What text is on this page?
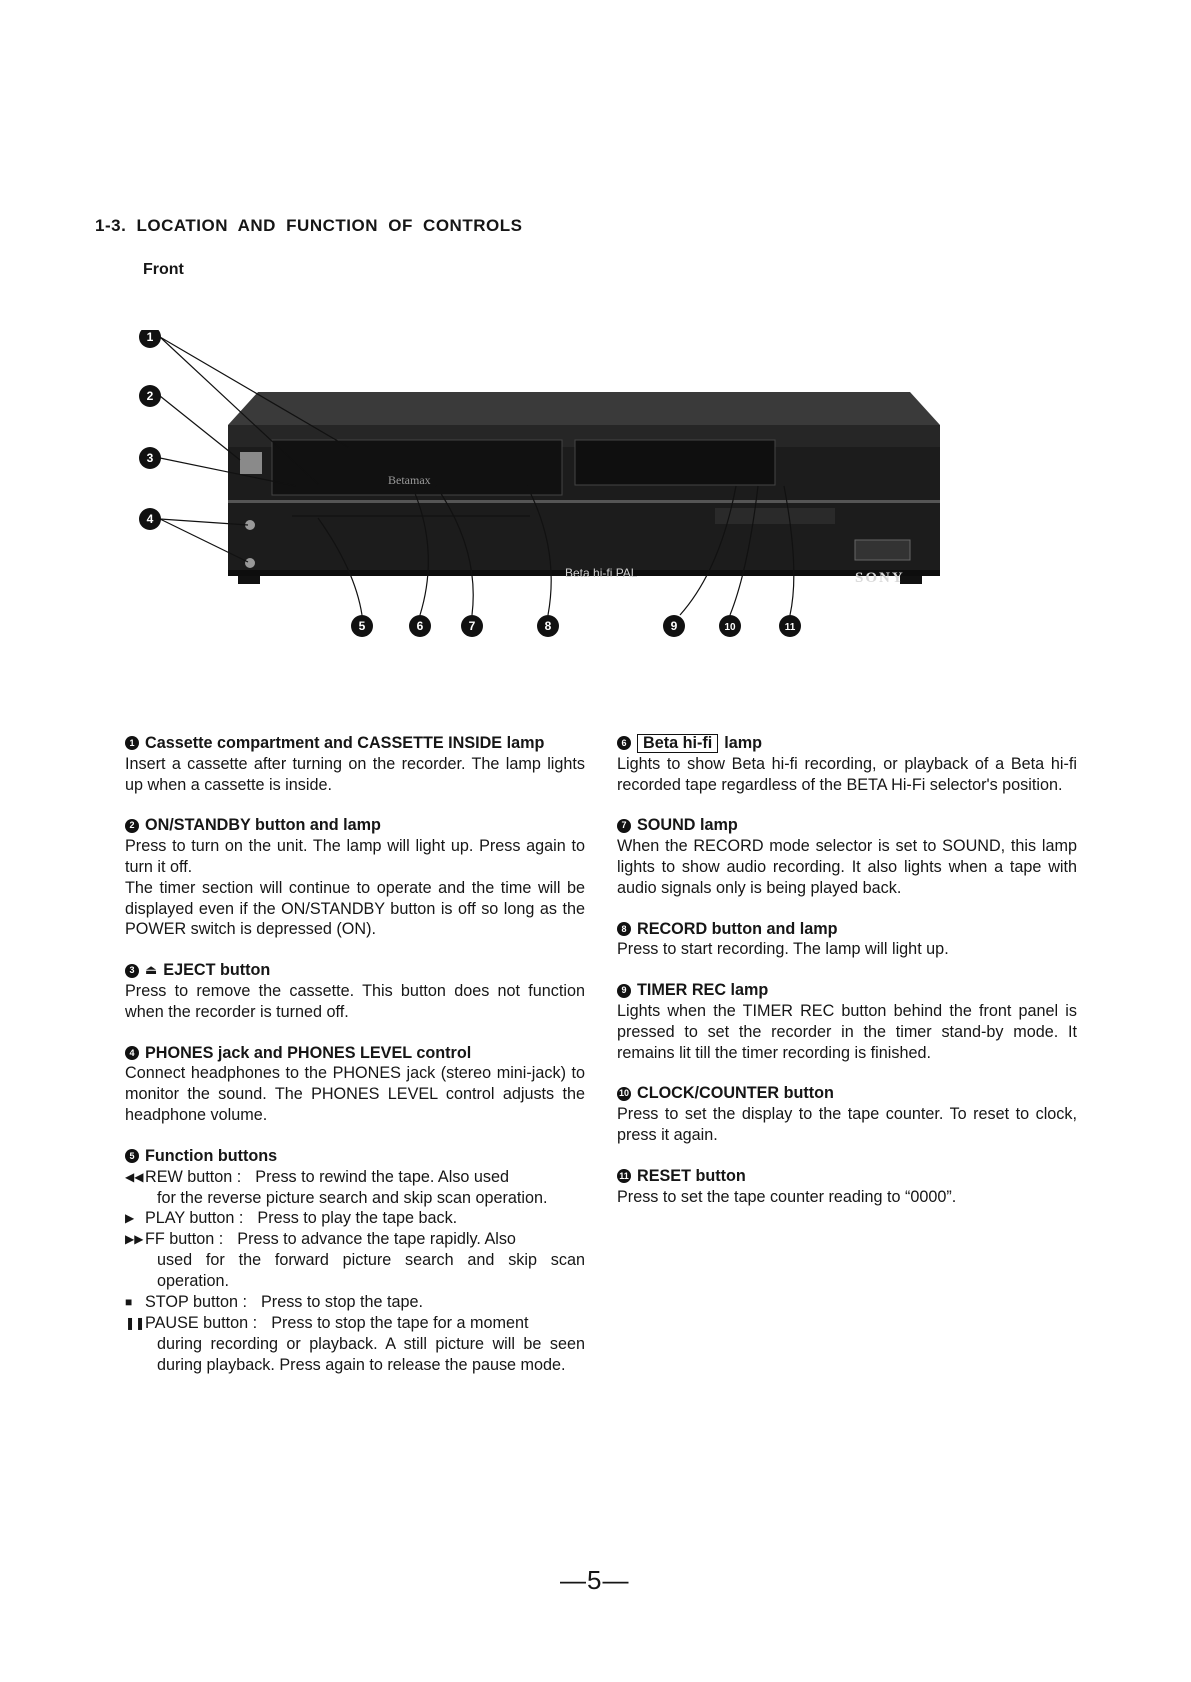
1-3. LOCATION AND FUNCTION OF CONTROLS
Front
Betamax
Beta hi-fi PAL	SONY
1
2
3
4
5	6	7	8	9	10	11
1 Cassette compartment and CASSETTE INSIDE lamp
Insert a cassette after turning on the recorder. The lamp lights up when a cassette is inside.
2 ON/STANDBY button and lamp
Press to turn on the unit. The lamp will light up. Press again to turn it off.
The timer section will continue to operate and the time will be displayed even if the ON/STANDBY button is off so long as the POWER switch is depressed (ON).
3 ⏏ EJECT button
Press to remove the cassette. This button does not function when the recorder is turned off.
4 PHONES jack and PHONES LEVEL control
Connect headphones to the PHONES jack (stereo mini-jack) to monitor the sound. The PHONES LEVEL control adjusts the headphone volume.
5 Function buttons
◀◀ REW button : Press to rewind the tape. Also used
for the reverse picture search and skip scan operation.
▶ PLAY button : Press to play the tape back.
▶▶ FF button : Press to advance the tape rapidly. Also
used for the forward picture search and skip scan operation.
■ STOP button : Press to stop the tape.
❚❚ PAUSE button : Press to stop the tape for a moment
during recording or playback. A still picture will be seen during playback. Press again to release the pause mode.
6	Beta hi-fi lamp
Lights to show Beta hi-fi recording, or playback of a Beta hi-fi recorded tape regardless of the BETA Hi-Fi selector's position.
7 SOUND lamp
When the RECORD mode selector is set to SOUND, this lamp lights to show audio recording. It also lights when a tape with audio signals only is being played back.
8 RECORD button and lamp
Press to start recording. The lamp will light up.
9 TIMER REC lamp
Lights when the TIMER REC button behind the front panel is pressed to set the recorder in the timer stand-by mode. It remains lit till the timer recording is finished.
10 CLOCK/COUNTER button
Press to set the display to the tape counter. To reset to clock, press it again.
11 RESET button
Press to set the tape counter reading to “0000”.
—5—
